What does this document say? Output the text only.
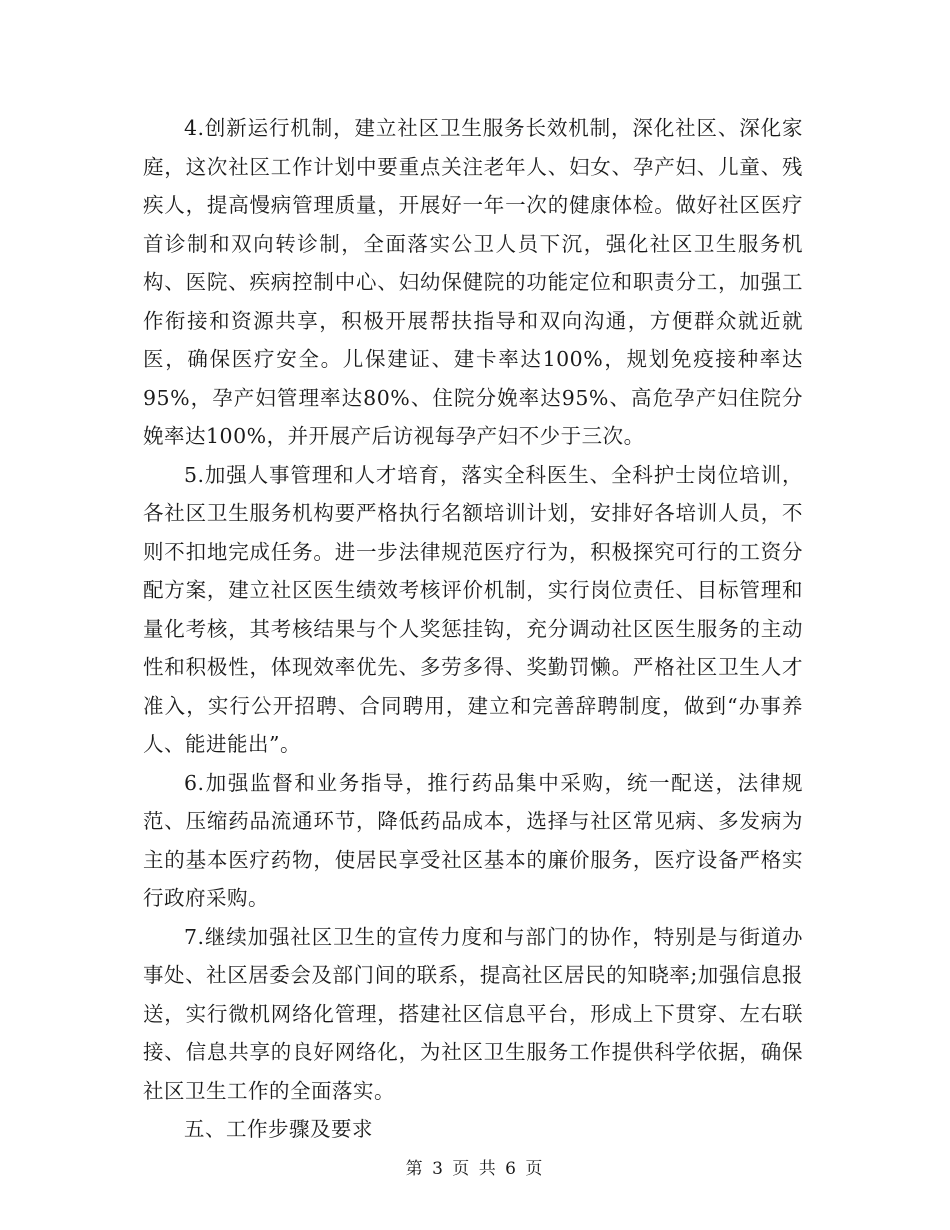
4.创新运行机制，建立社区卫生服务长效机制，深化社区、深化家庭，这次社区工作计划中要重点关注老年人、妇女、孕产妇、儿童、残疾人，提高慢病管理质量，开展好一年一次的健康体检。做好社区医疗首诊制和双向转诊制，全面落实公卫人员下沉，强化社区卫生服务机构、医院、疾病控制中心、妇幼保健院的功能定位和职责分工，加强工作衔接和资源共享，积极开展帮扶指导和双向沟通，方便群众就近就医，确保医疗安全。儿保建证、建卡率达100%，规划免疫接种率达95%，孕产妇管理率达80%、住院分娩率达95%、高危孕产妇住院分娩率达100%，并开展产后访视每孕产妇不少于三次。

5.加强人事管理和人才培育，落实全科医生、全科护士岗位培训，各社区卫生服务机构要严格执行名额培训计划，安排好各培训人员，不则不扣地完成任务。进一步法律规范医疗行为，积极探究可行的工资分配方案，建立社区医生绩效考核评价机制，实行岗位责任、目标管理和量化考核，其考核结果与个人奖惩挂钩，充分调动社区医生服务的主动性和积极性，体现效率优先、多劳多得、奖勤罚懒。严格社区卫生人才准入，实行公开招聘、合同聘用，建立和完善辞聘制度，做到“办事养人、能进能出”。

6.加强监督和业务指导，推行药品集中采购，统一配送，法律规范、压缩药品流通环节，降低药品成本，选择与社区常见病、多发病为主的基本医疗药物，使居民享受社区基本的廉价服务，医疗设备严格实行政府采购。

7.继续加强社区卫生的宣传力度和与部门的协作，特别是与街道办事处、社区居委会及部门间的联系，提高社区居民的知晓率;加强信息报送，实行微机网络化管理，搭建社区信息平台，形成上下贯穿、左右联接、信息共享的良好网络化，为社区卫生服务工作提供科学依据，确保社区卫生工作的全面落实。

五、工作步骤及要求

第 3 页 共 6 页
